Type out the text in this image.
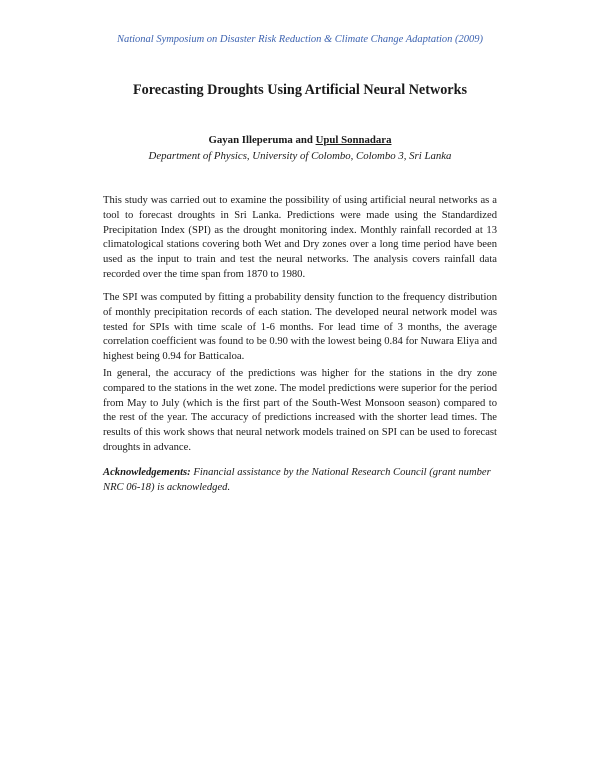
National Symposium on Disaster Risk Reduction & Climate Change Adaptation (2009)
Forecasting Droughts Using Artificial Neural Networks
Gayan Illeperuma and Upul Sonnadara
Department of Physics, University of Colombo, Colombo 3, Sri Lanka

This study was carried out to examine the possibility of using artificial neural networks as a tool to forecast droughts in Sri Lanka. Predictions were made using the Standardized Precipitation Index (SPI) as the drought monitoring index. Monthly rainfall recorded at 13 climatological stations covering both Wet and Dry zones over a long time period have been used as the input to train and test the neural networks. The analysis covers rainfall data recorded over the time span from 1870 to 1980.

The SPI was computed by fitting a probability density function to the frequency distribution of monthly precipitation records of each station. The developed neural network model was tested for SPIs with time scale of 1-6 months. For lead time of 3 months, the average correlation coefficient was found to be 0.90 with the lowest being 0.84 for Nuwara Eliya and highest being 0.94 for Batticaloa.

In general, the accuracy of the predictions was higher for the stations in the dry zone compared to the stations in the wet zone. The model predictions were superior for the period from May to July (which is the first part of the South-West Monsoon season) compared to the rest of the year. The accuracy of predictions increased with the shorter lead times. The results of this work shows that neural network models trained on SPI can be used to forecast droughts in advance.

Acknowledgements: Financial assistance by the National Research Council (grant number NRC 06-18) is acknowledged.
